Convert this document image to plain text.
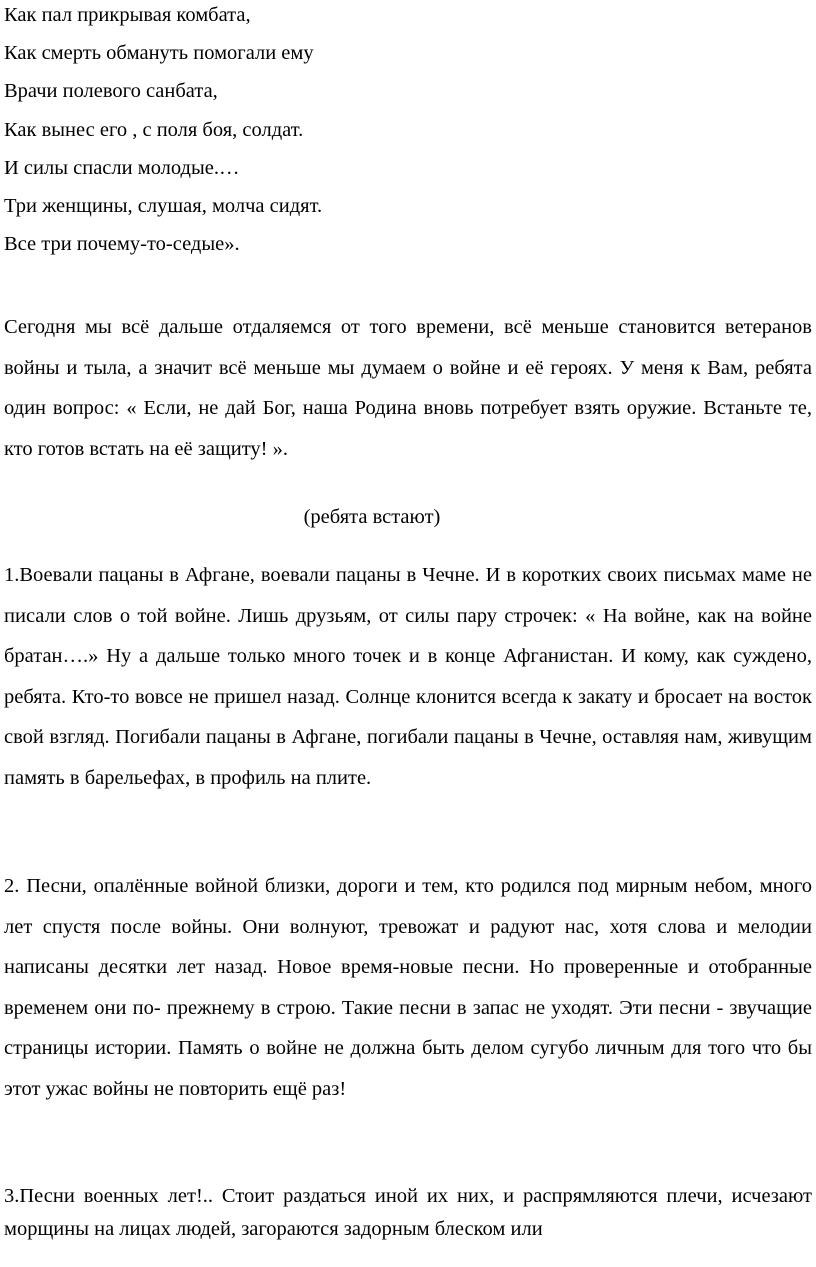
Как пал прикрывая комбата,
Как смерть обмануть помогали ему
Врачи полевого санбата,
Как вынес его , с поля боя, солдат.
И силы спасли молодые.…
Три женщины, слушая, молча сидят.
Все три почему-то-седые».

Сегодня мы всё дальше отдаляемся от того времени, всё меньше становится ветеранов войны и тыла, а значит всё меньше мы думаем о войне и её героях. У меня к Вам, ребята один вопрос: « Если, не дай Бог, наша Родина вновь потребует взять оружие. Встаньте те, кто готов встать на её защиту! ».

(ребята встают)

1.Воевали пацаны в Афгане, воевали пацаны в Чечне. И в коротких своих письмах маме не писали слов о той войне. Лишь друзьям, от силы пару строчек: « На войне, как на войне братан….» Ну а дальше только много точек и в конце Афганистан. И кому, как суждено, ребята. Кто-то вовсе не пришел назад. Солнце клонится всегда к закату и бросает на восток свой взгляд. Погибали пацаны в Афгане, погибали пацаны в Чечне, оставляя нам, живущим память в барельефах, в профиль на плите.

2. Песни, опалённые войной близки, дороги и тем, кто родился под мирным небом, много лет спустя после войны. Они волнуют, тревожат и радуют нас, хотя слова и мелодии написаны десятки лет назад. Новое время-новые песни. Но проверенные и отобранные временем они по- прежнему в строю. Такие песни в запас не уходят. Эти песни - звучащие страницы истории. Память о войне не должна быть делом сугубо личным для того что бы этот ужас войны не повторить ещё раз!

3.Песни военных лет!.. Стоит раздаться иной их них, и распрямляются плечи, исчезают морщины на лицах людей, загораются задорным блеском или
